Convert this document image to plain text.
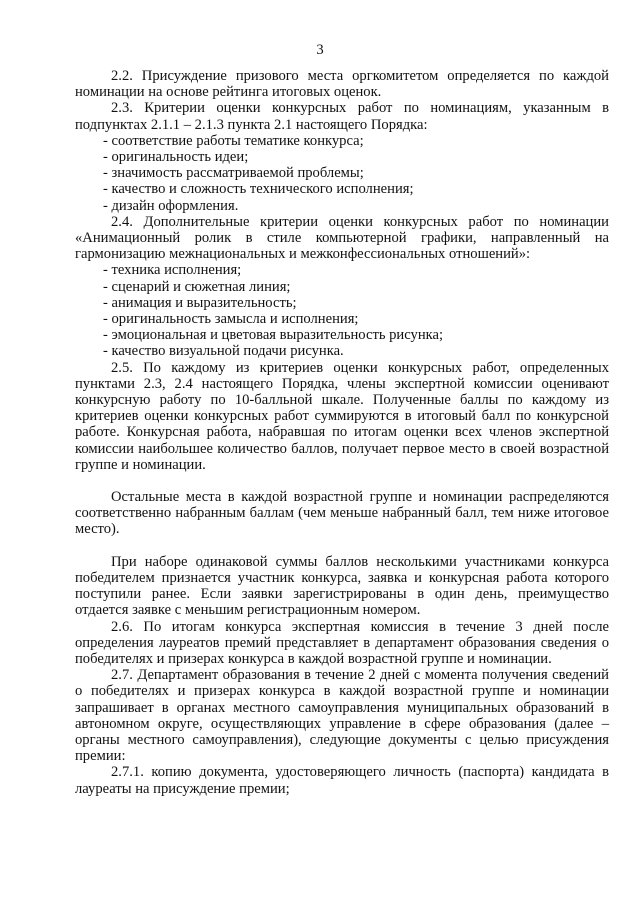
3

2.2. Присуждение призового места оргкомитетом определяется по каждой номинации на основе рейтинга итоговых оценок.

2.3. Критерии оценки конкурсных работ по номинациям, указанным в подпунктах 2.1.1 – 2.1.3 пункта 2.1 настоящего Порядка:

- соответствие работы тематике конкурса;

- оригинальность идеи;

- значимость рассматриваемой проблемы;

- качество и сложность технического исполнения;

- дизайн оформления.

2.4. Дополнительные критерии оценки конкурсных работ по номинации «Анимационный ролик в стиле компьютерной графики, направленный на гармонизацию межнациональных и межконфессиональных отношений»:

- техника исполнения;

- сценарий и сюжетная линия;

- анимация и выразительность;

- оригинальность замысла и исполнения;

- эмоциональная и цветовая выразительность рисунка;

- качество визуальной подачи рисунка.

2.5. По каждому из критериев оценки конкурсных работ, определенных пунктами 2.3, 2.4 настоящего Порядка, члены экспертной комиссии оценивают конкурсную работу по 10-балльной шкале. Полученные баллы по каждому из критериев оценки конкурсных работ суммируются в итоговый балл по конкурсной работе. Конкурсная работа, набравшая по итогам оценки всех членов экспертной комиссии наибольшее количество баллов, получает первое место в своей возрастной группе и номинации.

Остальные места в каждой возрастной группе и номинации распределяются соответственно набранным баллам (чем меньше набранный балл, тем ниже итоговое место).

При наборе одинаковой суммы баллов несколькими участниками конкурса победителем признается участник конкурса, заявка и конкурсная работа которого поступили ранее. Если заявки зарегистрированы в один день, преимущество отдается заявке с меньшим регистрационным номером.

2.6. По итогам конкурса экспертная комиссия в течение 3 дней после определения лауреатов премий представляет в департамент образования сведения о победителях и призерах конкурса в каждой возрастной группе и номинации.

2.7. Департамент образования в течение 2 дней с момента получения сведений о победителях и призерах конкурса в каждой возрастной группе и номинации запрашивает в органах местного самоуправления муниципальных образований в автономном округе, осуществляющих управление в сфере образования (далее – органы местного самоуправления), следующие документы с целью присуждения премии:

2.7.1. копию документа, удостоверяющего личность (паспорта) кандидата в лауреаты на присуждение премии;
